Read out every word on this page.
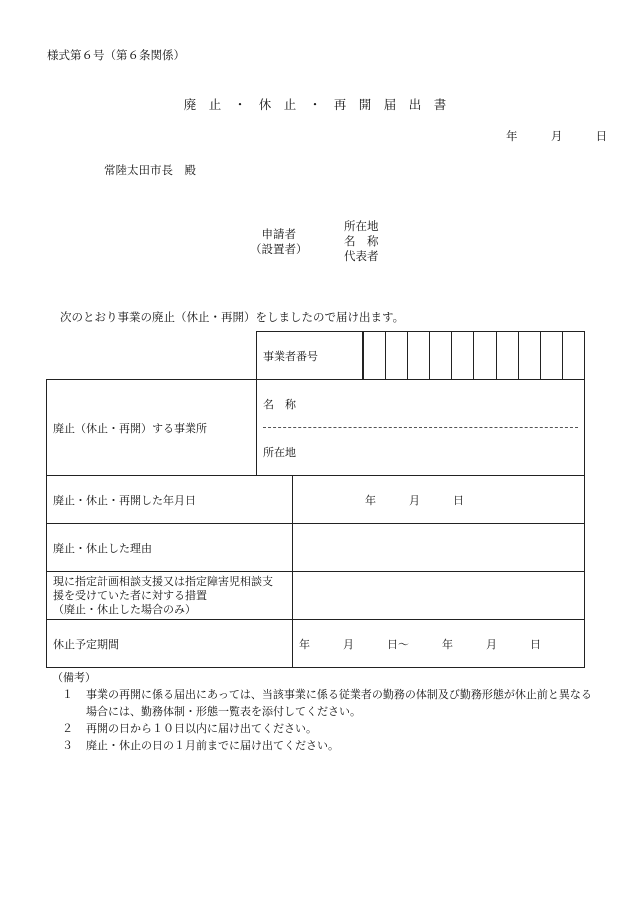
様式第６号（第６条関係）
廃　止　・　休　止　・　再　開　届　出　書
年	月	日
常陸太田市長　殿
申請者
（設置者）
所在地
名　称
代表者
次のとおり事業の廃止（休止・再開）をしましたので届け出ます。
	事業者番号		

廃止（休止・再開）する事業所	名　称
所在地		

廃止・休止・再開した年月日		年　　　月　　　日	
廃止・休止した理由			

現に指定計画相談支援又は指定障害児相談支
援を受けていた者に対する措置
（廃止・休止した場合のみ）			

休止予定期間		年　　　月　　　日～　　　年　　　月　　　日	
（備考）
１	事業の再開に係る届出にあっては、当該事業に係る従業者の勤務の体制及び勤務形態が休止前と異なる場合には、勤務体制・形態一覧表を添付してください。
２	再開の日から１０日以内に届け出てください。
３	廃止・休止の日の１月前までに届け出てください。
